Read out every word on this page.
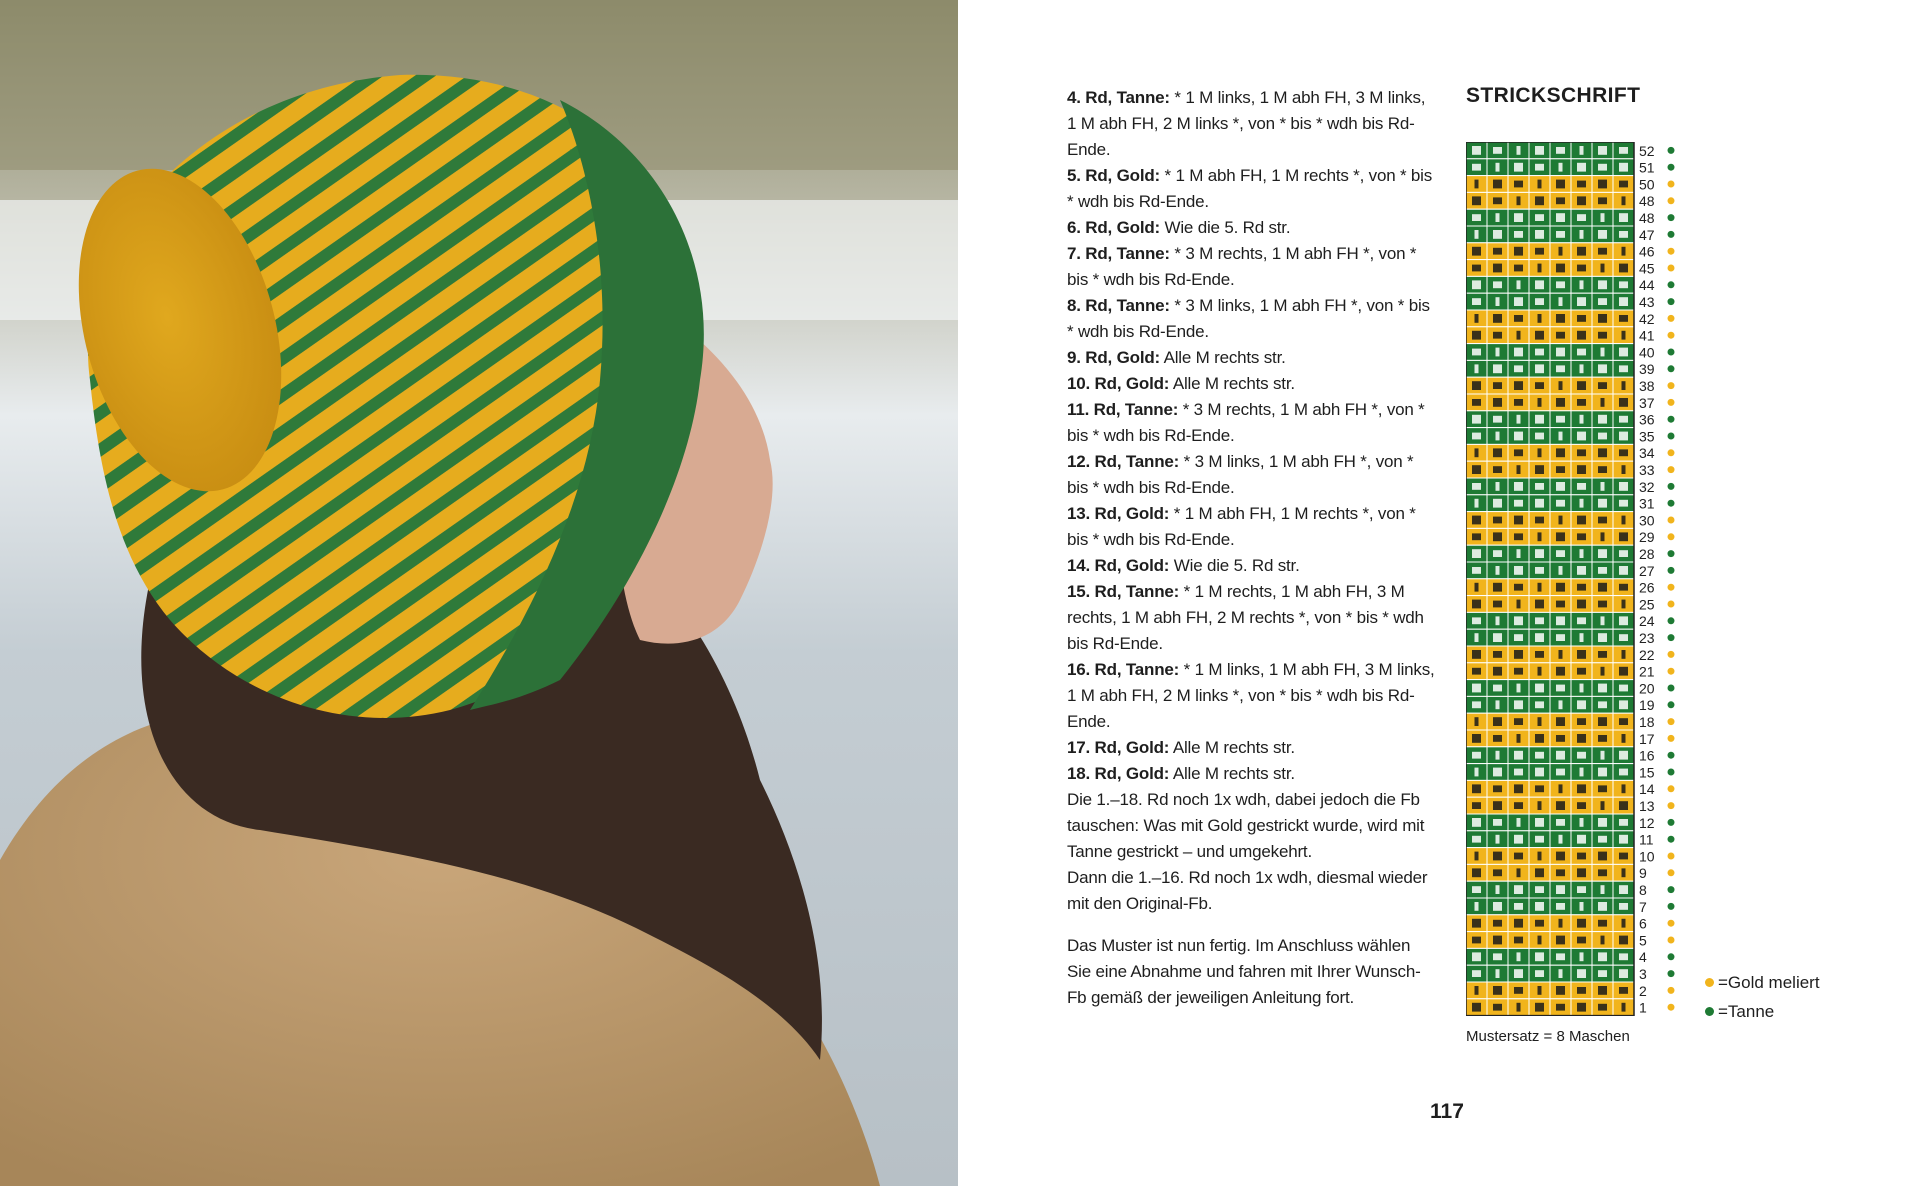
4. Rd, Tanne: * 1 M links, 1 M abh FH, 3 M links, 1 M abh FH, 2 M links *, von * bis * wdh bis Rd-Ende.
5. Rd, Gold: * 1 M abh FH, 1 M rechts *, von * bis * wdh bis Rd-Ende.
6. Rd, Gold: Wie die 5. Rd str.
7. Rd, Tanne: * 3 M rechts, 1 M abh FH *, von * bis * wdh bis Rd-Ende.
8. Rd, Tanne: * 3 M links, 1 M abh FH *, von * bis * wdh bis Rd-Ende.
9. Rd, Gold: Alle M rechts str.
10. Rd, Gold: Alle M rechts str.
11. Rd, Tanne: * 3 M rechts, 1 M abh FH *, von * bis * wdh bis Rd-Ende.
12. Rd, Tanne: * 3 M links, 1 M abh FH *, von * bis * wdh bis Rd-Ende.
13. Rd, Gold: * 1 M abh FH, 1 M rechts *, von * bis * wdh bis Rd-Ende.
14. Rd, Gold: Wie die 5. Rd str.
15. Rd, Tanne: * 1 M rechts, 1 M abh FH, 3 M rechts, 1 M abh FH, 2 M rechts *, von * bis * wdh bis Rd-Ende.
16. Rd, Tanne: * 1 M links, 1 M abh FH, 3 M links, 1 M abh FH, 2 M links *, von * bis * wdh bis Rd-Ende.
17. Rd, Gold: Alle M rechts str.
18. Rd, Gold: Alle M rechts str.
Die 1.–18. Rd noch 1x wdh, dabei jedoch die Fb tauschen: Was mit Gold gestrickt wurde, wird mit Tanne gestrickt – und umgekehrt.
Dann die 1.–16. Rd noch 1x wdh, diesmal wieder mit den Original-Fb.
Das Muster ist nun fertig. Im Anschluss wählen Sie eine Abnahme und fahren mit Ihrer Wunsch-Fb gemäß der jeweiligen Anleitung fort.
STRICKSCHRIFT
52
51
50
48
48
47
46
45
44
43
42
41
40
39
38
37
36
35
34
33
32
31
30
29
28
27
26
25
24
23
22
21
20
19
18
17
16
15
14
13
12
11
10
9
8
7
6
5
4
3
2
1
Mustersatz = 8 Maschen
=Gold meliert
=Tanne
117
